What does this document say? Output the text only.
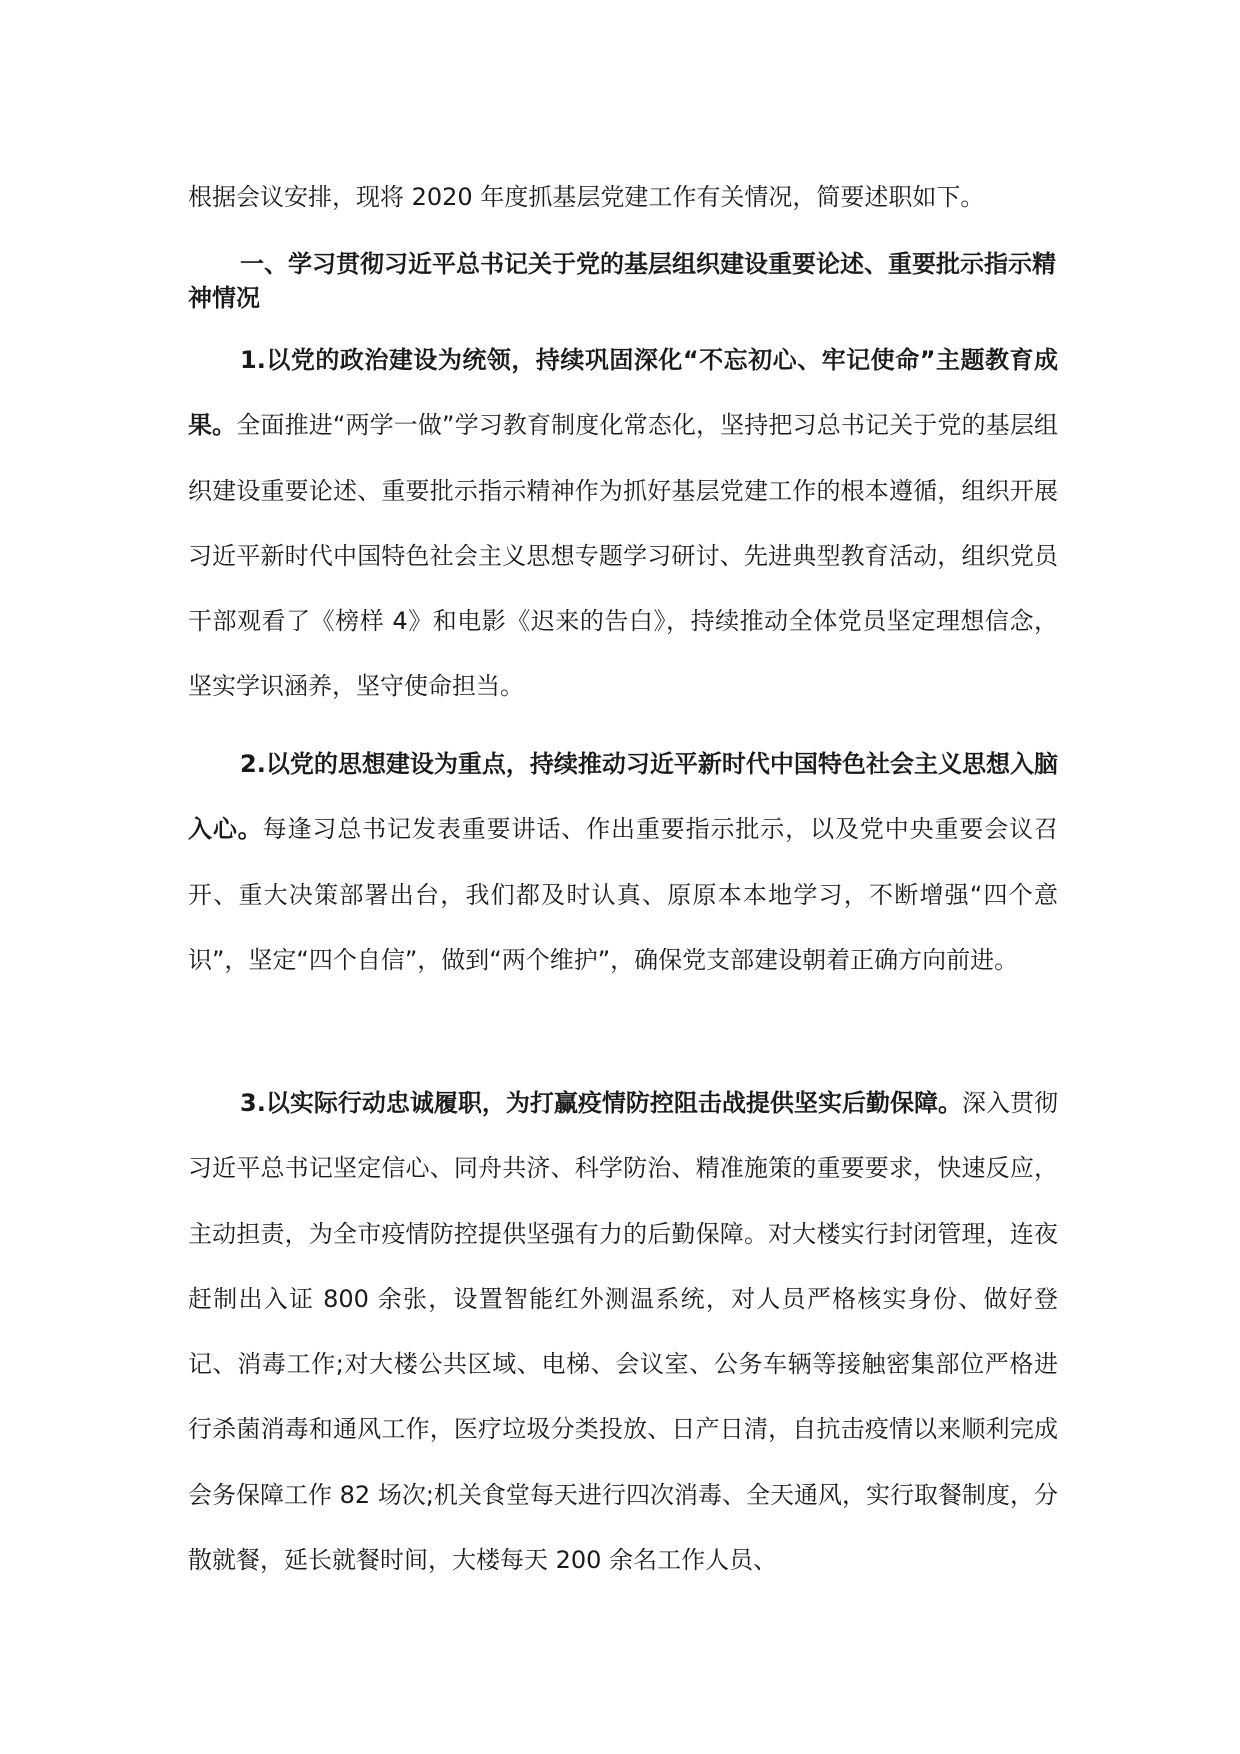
根据会议安排，现将 2020 年度抓基层党建工作有关情况，简要述职如下。
一、学习贯彻习近平总书记关于党的基层组织建设重要论述、重要批示指示精神情况
1.以党的政治建设为统领，持续巩固深化“不忘初心、牢记使命”主题教育成果。全面推进“两学一做”学习教育制度化常态化，坚持把习总书记关于党的基层组织建设重要论述、重要批示指示精神作为抓好基层党建工作的根本遵循，组织开展习近平新时代中国特色社会主义思想专题学习研讨、先进典型教育活动，组织党员干部观看了《榜样 4》和电影《迟来的告白》，持续推动全体党员坚定理想信念，坚实学识涵养，坚守使命担当。
2.以党的思想建设为重点，持续推动习近平新时代中国特色社会主义思想入脑入心。每逢习总书记发表重要讲话、作出重要指示批示，以及党中央重要会议召开、重大决策部署出台，我们都及时认真、原原本本地学习，不断增强“四个意识”，坚定“四个自信”，做到“两个维护”，确保党支部建设朝着正确方向前进。
3.以实际行动忠诚履职，为打赢疫情防控阻击战提供坚实后勤保障。深入贯彻习近平总书记坚定信心、同舟共济、科学防治、精准施策的重要要求，快速反应，主动担责，为全市疫情防控提供坚强有力的后勤保障。对大楼实行封闭管理，连夜赶制出入证 800 余张，设置智能红外测温系统，对人员严格核实身份、做好登记、消毒工作;对大楼公共区域、电梯、会议室、公务车辆等接触密集部位严格进行杀菌消毒和通风工作，医疗垃圾分类投放、日产日清，自抗击疫情以来顺利完成会务保障工作 82 场次;机关食堂每天进行四次消毒、全天通风，实行取餐制度，分散就餐，延长就餐时间，大楼每天 200 余名工作人员、
